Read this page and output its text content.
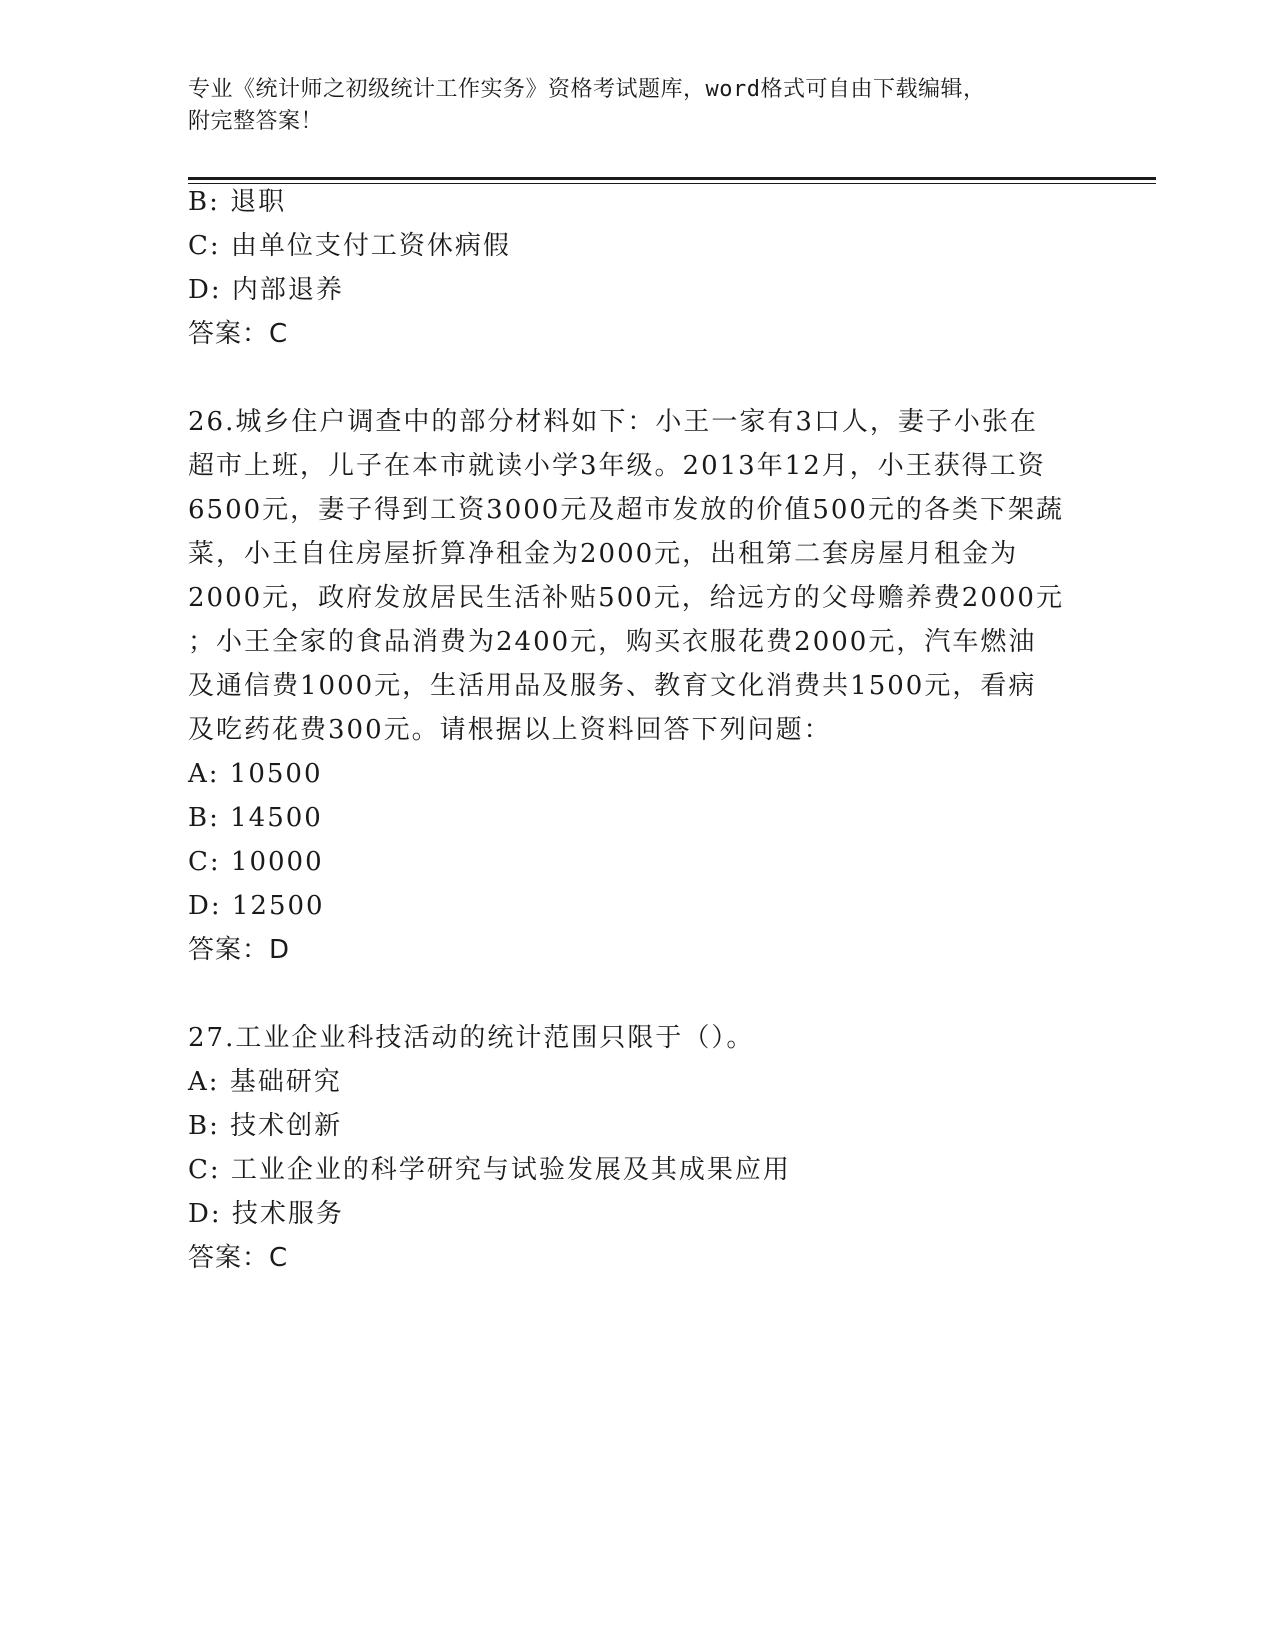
专业《统计师之初级统计工作实务》资格考试题库，word格式可自由下载编辑，

附完整答案！

B: 退职

C: 由单位支付工资休病假

D: 内部退养

答案：C

26.城乡住户调查中的部分材料如下：小王一家有3口人，妻子小张在

超市上班，儿子在本市就读小学3年级。2013年12月，小王获得工资

6500元，妻子得到工资3000元及超市发放的价值500元的各类下架蔬

菜，小王自住房屋折算净租金为2000元，出租第二套房屋月租金为

2000元，政府发放居民生活补贴500元，给远方的父母赡养费2000元

；小王全家的食品消费为2400元，购买衣服花费2000元，汽车燃油

及通信费1000元，生活用品及服务、教育文化消费共1500元，看病

及吃药花费300元。请根据以上资料回答下列问题：

A: 10500

B: 14500

C: 10000

D: 12500

答案：D

27.工业企业科技活动的统计范围只限于（）。

A: 基础研究

B: 技术创新

C: 工业企业的科学研究与试验发展及其成果应用

D: 技术服务

答案：C
